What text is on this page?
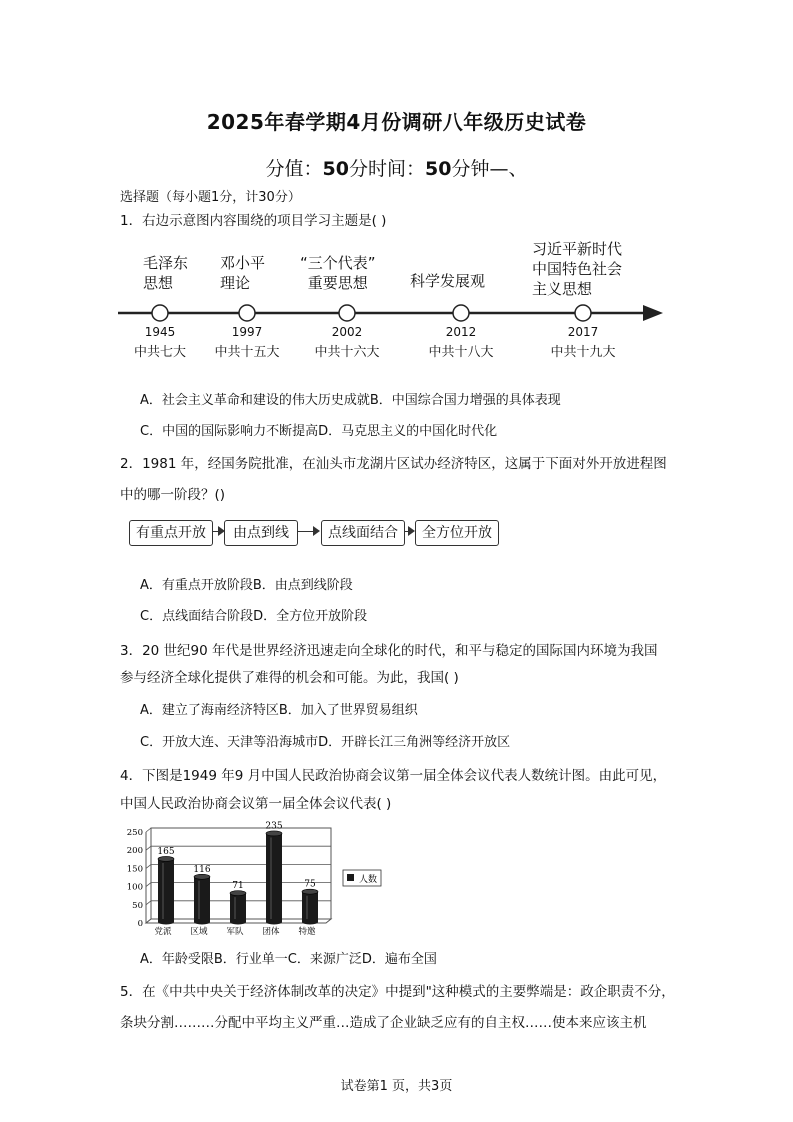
2025年春学期4月份调研八年级历史试卷
分值：50分时间：50分钟—、
选择题（每小题1分，计30分）
1．右边示意图内容围绕的项目学习主题是( )
毛泽东
思想
邓小平
理论
“三个代表”
重要思想	科学发展观
习近平新时代
中国特色社会
主义思想
1945	1997	2002	2012	2017
中共七大	中共十五大	中共十六大	中共十八大	中共十九大
A．社会主义革命和建设的伟大历史成就B．中国综合国力增强的具体表现
C．中国的国际影响力不断提高D．马克思主义的中国化时代化
2．1981 年，经国务院批准，在汕头市龙湖片区试办经济特区，这属于下面对外开放进程图
中的哪一阶段？()
有重点开放	由点到线	点线面结合	全方位开放
A．有重点开放阶段B．由点到线阶段
C．点线面结合阶段D．全方位开放阶段
3．20 世纪90 年代是世界经济迅速走向全球化的时代，和平与稳定的国际国内环境为我国
参与经济全球化提供了难得的机会和可能。为此，我国( )
A．建立了海南经济特区B．加入了世界贸易组织
C．开放大连、天津等沿海城市D．开辟长江三角洲等经济开放区
4．下图是1949 年9 月中国人民政治协商会议第一届全体会议代表人数统计图。由此可见，
中国人民政治协商会议第一届全体会议代表( )
0
50
100
150
200
250
165
党派
116
区域
71
军队
235
团体
75
特邀
人数
A．年龄受限B．行业单一C．来源广泛D．遍布全国
5．在《中共中央关于经济体制改革的决定》中提到"这种模式的主要弊端是：政企职责不分，
条块分割………分配中平均主义严重…造成了企业缺乏应有的自主权……使本来应该主机
试卷第1 页，共3页
